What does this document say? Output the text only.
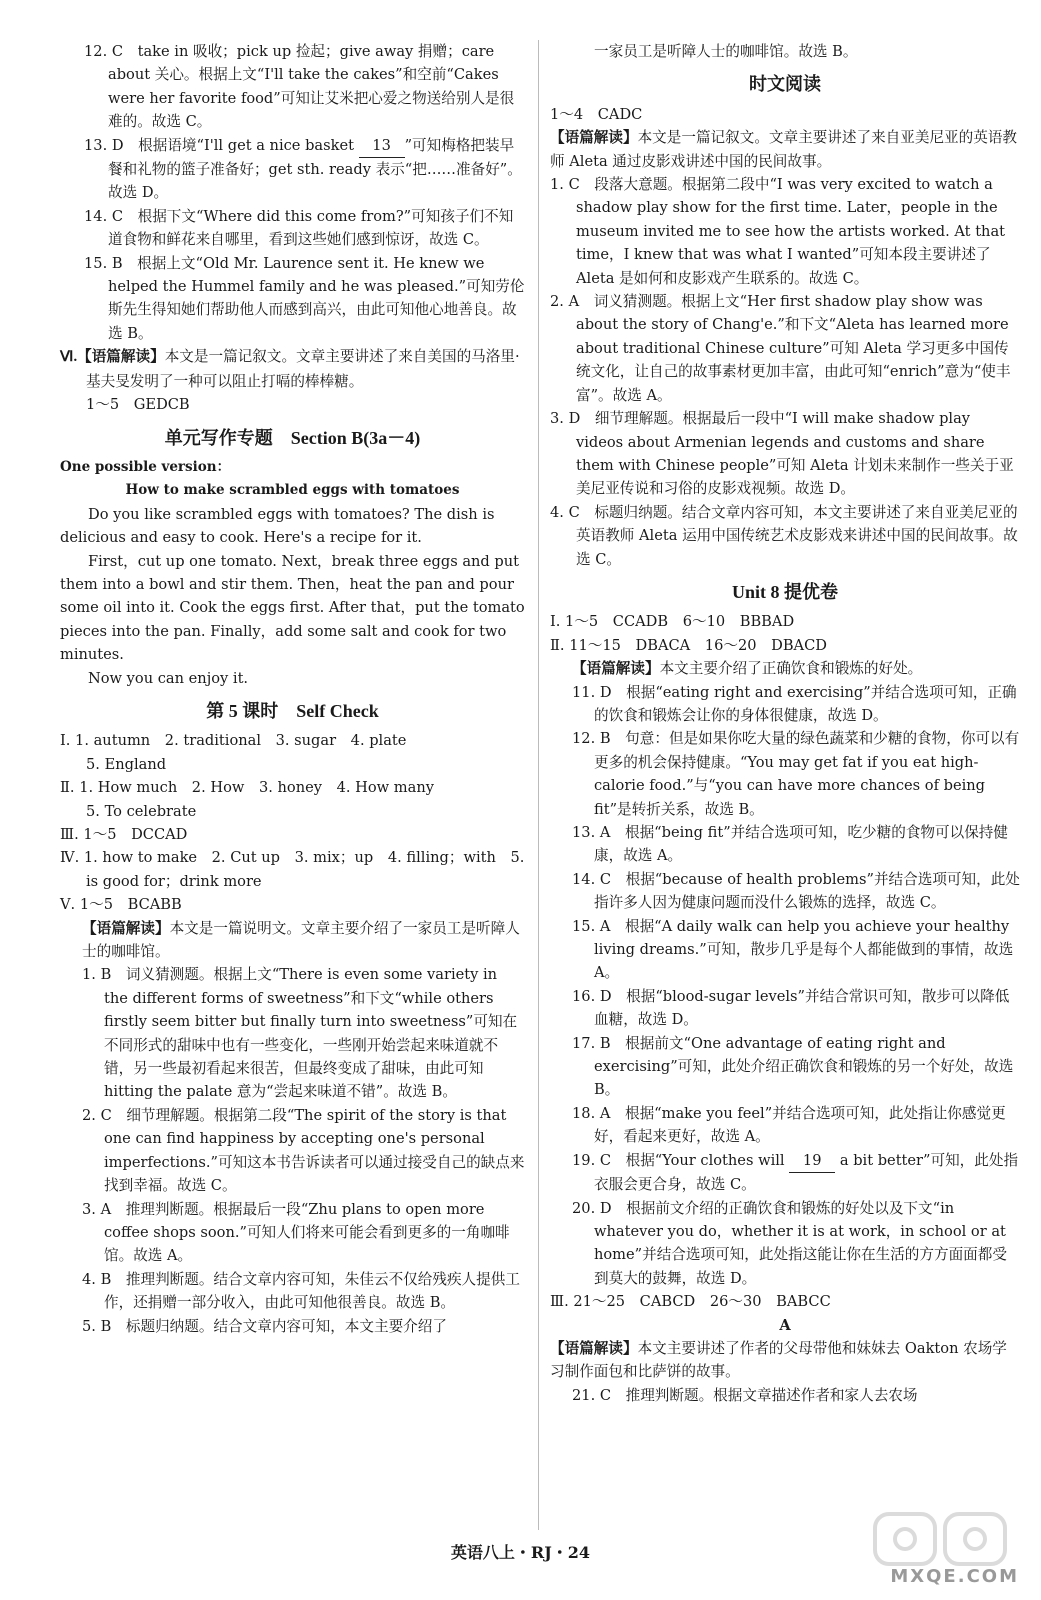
12. C　take in 吸收；pick up 捡起；give away 捐赠；care about 关心。根据上文“I'll take the cakes”和空前“Cakes were her favorite food”可知让艾米把心爱之物送给别人是很难的。故选 C。

13. D　根据语境“I'll get a nice basket 13 ”可知梅格把装早餐和礼物的篮子准备好；get sth. ready 表示“把……准备好”。故选 D。

14. C　根据下文“Where did this come from?”可知孩子们不知道食物和鲜花来自哪里，看到这些她们感到惊讶，故选 C。

15. B　根据上文“Old Mr. Laurence sent it. He knew we helped the Hummel family and he was pleased.”可知劳伦斯先生得知她们帮助他人而感到高兴，由此可知他心地善良。故选 B。

Ⅵ.【语篇解读】本文是一篇记叙文。文章主要讲述了来自美国的马洛里·基夫旻发明了一种可以阻止打嗝的棒棒糖。

1～5　GEDCB

单元写作专题　Section B(3a－4)

One possible version：

How to make scrambled eggs with tomatoes

Do you like scrambled eggs with tomatoes? The dish is delicious and easy to cook. Here's a recipe for it.

First，cut up one tomato. Next，break three eggs and put them into a bowl and stir them. Then，heat the pan and pour some oil into it. Cook the eggs first. After that，put the tomato pieces into the pan. Finally，add some salt and cook for two minutes.

Now you can enjoy it.

第 5 课时　Self Check

Ⅰ. 1. autumn　2. traditional　3. sugar　4. plate

5. England

Ⅱ. 1. How much　2. How　3. honey　4. How many

5. To celebrate

Ⅲ. 1～5　DCCAD

Ⅳ. 1. how to make　2. Cut up　3. mix；up　4. filling；with　5. is good for；drink more

Ⅴ. 1～5　BCABB

【语篇解读】本文是一篇说明文。文章主要介绍了一家员工是听障人士的咖啡馆。

1. B　词义猜测题。根据上文“There is even some variety in the different forms of sweetness”和下文“while others firstly seem bitter but finally turn into sweetness”可知在不同形式的甜味中也有一些变化，一些刚开始尝起来味道就不错，另一些最初看起来很苦，但最终变成了甜味，由此可知 hitting the palate 意为“尝起来味道不错”。故选 B。

2. C　细节理解题。根据第二段“The spirit of the story is that one can find happiness by accepting one's personal imperfections.”可知这本书告诉读者可以通过接受自己的缺点来找到幸福。故选 C。

3. A　推理判断题。根据最后一段“Zhu plans to open more coffee shops soon.”可知人们将来可能会看到更多的一角咖啡馆。故选 A。

4. B　推理判断题。结合文章内容可知，朱佳云不仅给残疾人提供工作，还捐赠一部分收入，由此可知他很善良。故选 B。

5. B　标题归纳题。结合文章内容可知，本文主要介绍了

一家员工是听障人士的咖啡馆。故选 B。

时文阅读

1～4　CADC

【语篇解读】本文是一篇记叙文。文章主要讲述了来自亚美尼亚的英语教师 Aleta 通过皮影戏讲述中国的民间故事。

1. C　段落大意题。根据第二段中“I was very excited to watch a shadow play show for the first time. Later，people in the museum invited me to see how the artists worked. At that time，I knew that was what I wanted”可知本段主要讲述了 Aleta 是如何和皮影戏产生联系的。故选 C。

2. A　词义猜测题。根据上文“Her first shadow play show was about the story of Chang'e.”和下文“Aleta has learned more about traditional Chinese culture”可知 Aleta 学习更多中国传统文化，让自己的故事素材更加丰富，由此可知“enrich”意为“使丰富”。故选 A。

3. D　细节理解题。根据最后一段中“I will make shadow play videos about Armenian legends and customs and share them with Chinese people”可知 Aleta 计划未来制作一些关于亚美尼亚传说和习俗的皮影戏视频。故选 D。

4. C　标题归纳题。结合文章内容可知，本文主要讲述了来自亚美尼亚的英语教师 Aleta 运用中国传统艺术皮影戏来讲述中国的民间故事。故选 C。

Unit 8 提优卷

Ⅰ. 1～5　CCADB　6～10　BBBAD

Ⅱ. 11～15　DBACA　16～20　DBACD

【语篇解读】本文主要介绍了正确饮食和锻炼的好处。

11. D　根据“eating right and exercising”并结合选项可知，正确的饮食和锻炼会让你的身体很健康，故选 D。

12. B　句意：但是如果你吃大量的绿色蔬菜和少糖的食物，你可以有更多的机会保持健康。“You may get fat if you eat high-calorie food.”与“you can have more chances of being fit”是转折关系，故选 B。

13. A　根据“being fit”并结合选项可知，吃少糖的食物可以保持健康，故选 A。

14. C　根据“because of health problems”并结合选项可知，此处指许多人因为健康问题而没什么锻炼的选择，故选 C。

15. A　根据“A daily walk can help you achieve your healthy living dreams.”可知，散步几乎是每个人都能做到的事情，故选 A。

16. D　根据“blood-sugar levels”并结合常识可知，散步可以降低血糖，故选 D。

17. B　根据前文“One advantage of eating right and exercising”可知，此处介绍正确饮食和锻炼的另一个好处，故选 B。

18. A　根据“make you feel”并结合选项可知，此处指让你感觉更好，看起来更好，故选 A。

19. C　根据“Your clothes will 19 a bit better”可知，此处指衣服会更合身，故选 C。

20. D　根据前文介绍的正确饮食和锻炼的好处以及下文“in whatever you do，whether it is at work，in school or at home”并结合选项可知，此处指这能让你在生活的方方面面都受到莫大的鼓舞，故选 D。

Ⅲ. 21～25　CABCD　26～30　BABCC

A

【语篇解读】本文主要讲述了作者的父母带他和妹妹去 Oakton 农场学习制作面包和比萨饼的故事。

21. C　推理判断题。根据文章描述作者和家人去农场

英语八上・RJ・24
MXQE.COM
